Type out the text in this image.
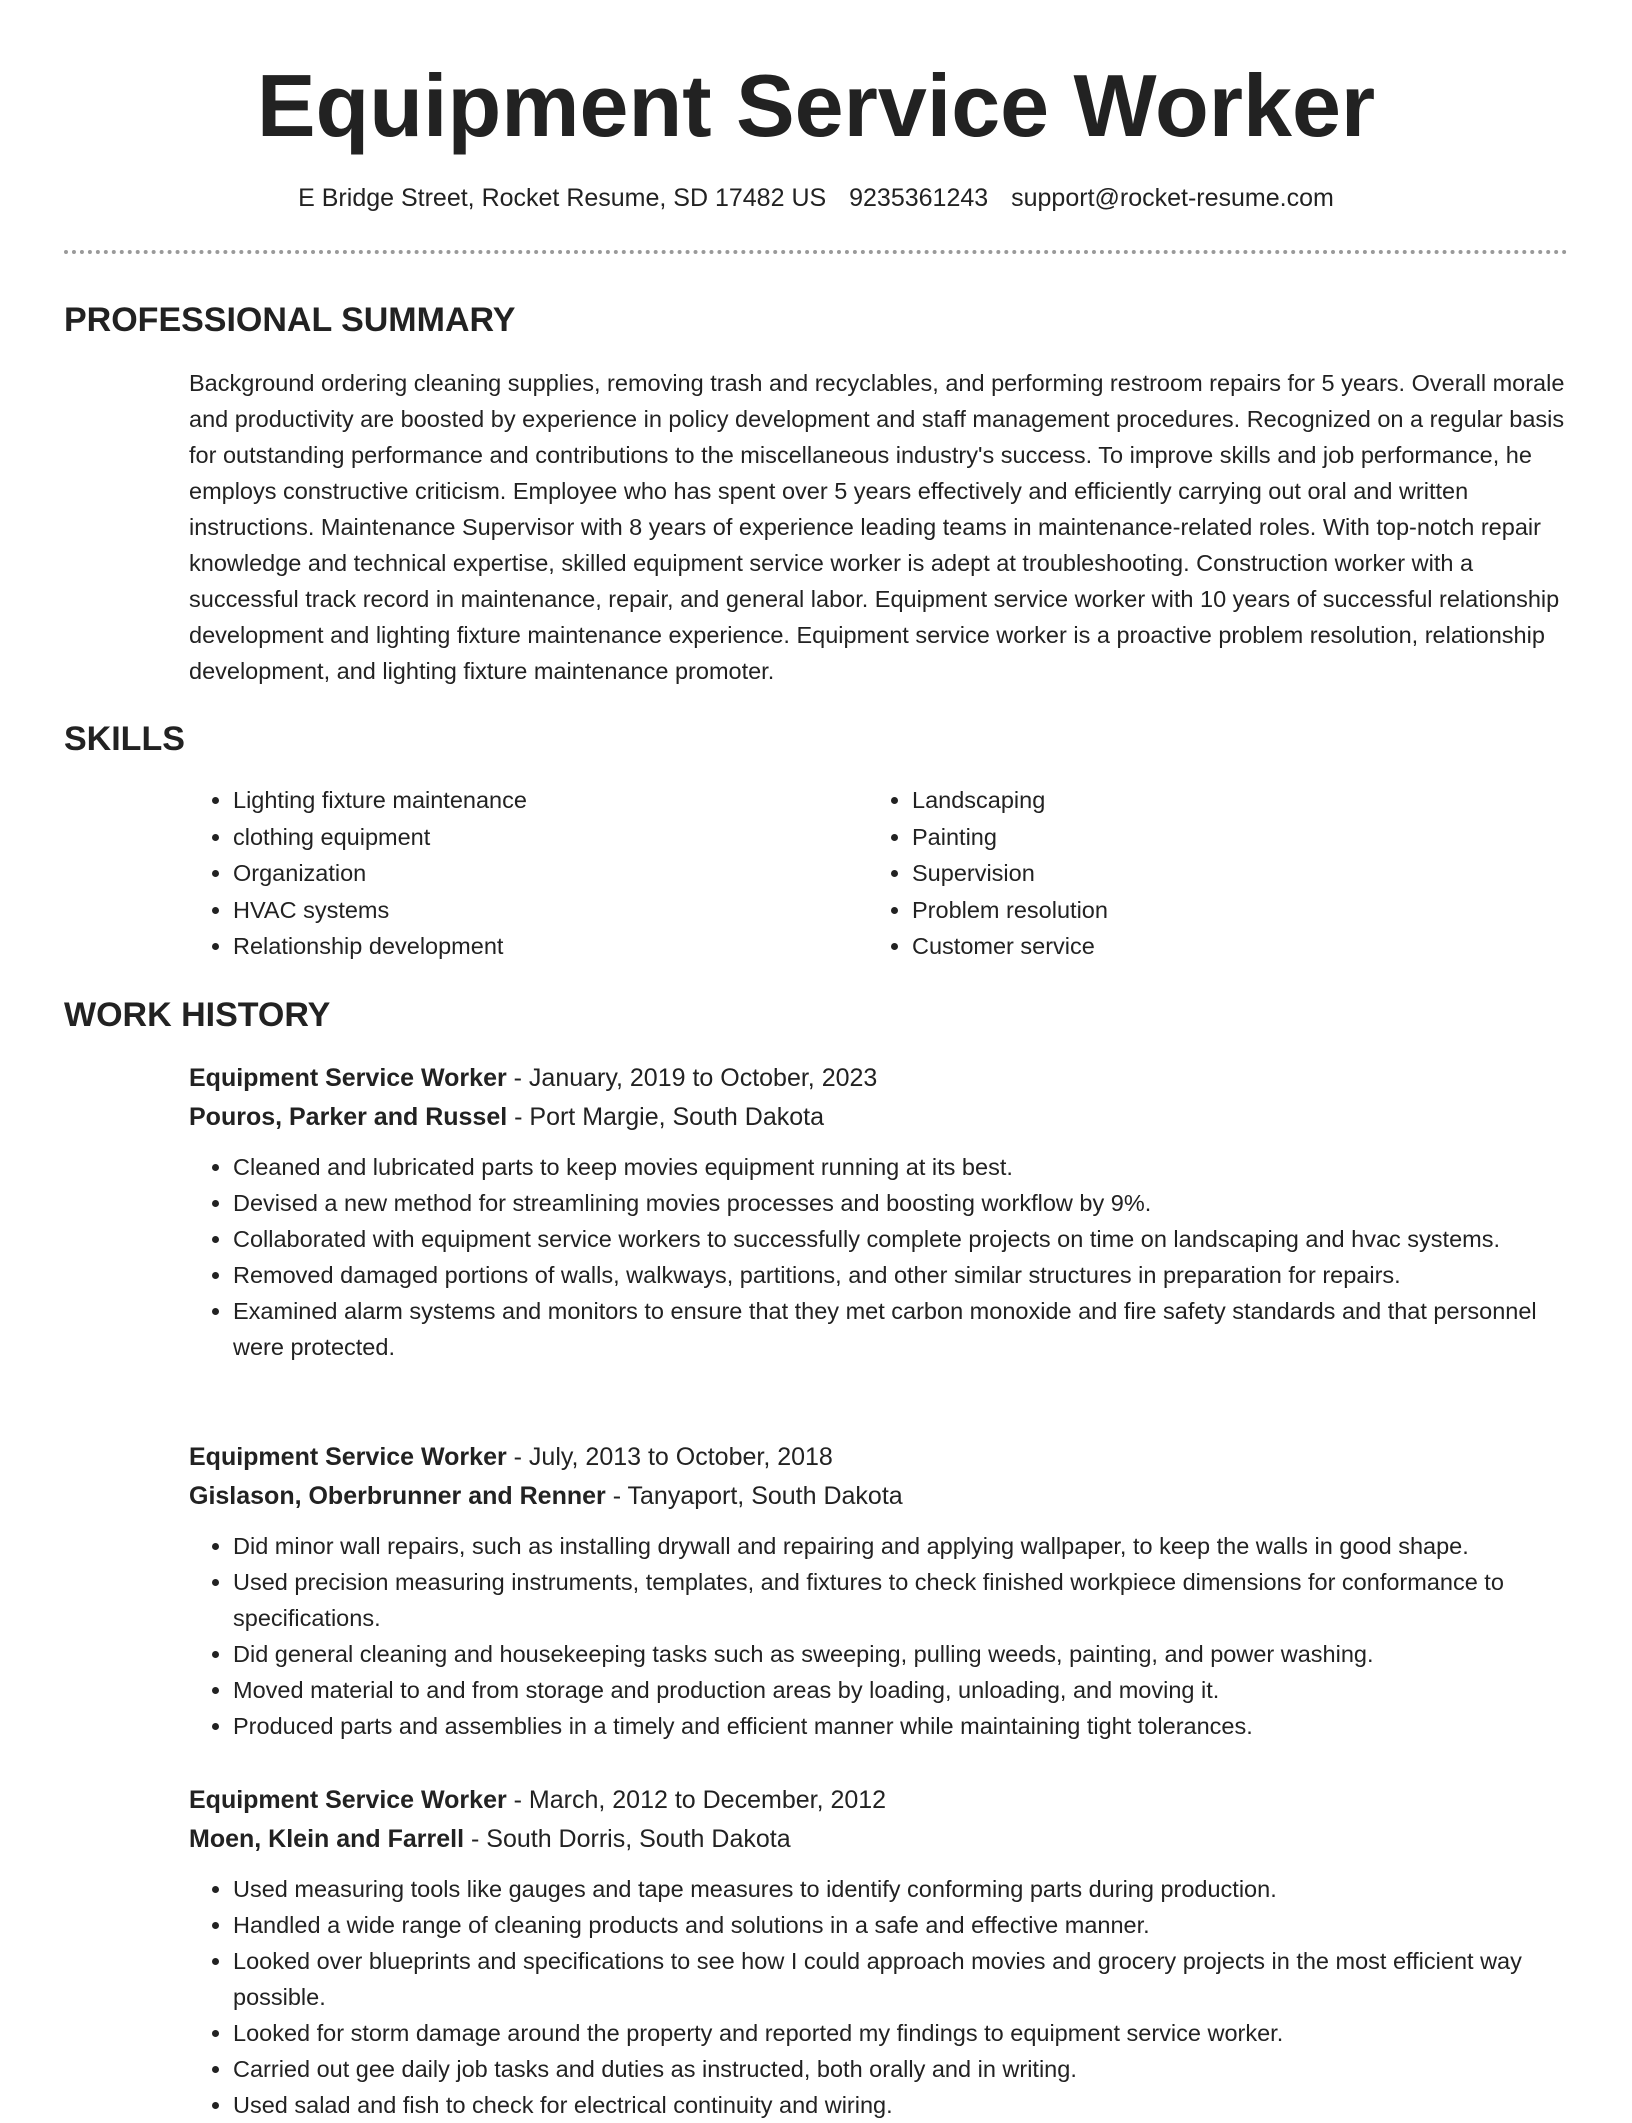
Equipment Service Worker
E Bridge Street, Rocket Resume, SD 17482 US 9235361243 support@rocket-resume.com
PROFESSIONAL SUMMARY
Background ordering cleaning supplies, removing trash and recyclables, and performing restroom repairs for 5 years. Overall morale and productivity are boosted by experience in policy development and staff management procedures. Recognized on a regular basis for outstanding performance and contributions to the miscellaneous industry's success. To improve skills and job performance, he employs constructive criticism. Employee who has spent over 5 years effectively and efficiently carrying out oral and written instructions. Maintenance Supervisor with 8 years of experience leading teams in maintenance-related roles. With top-notch repair knowledge and technical expertise, skilled equipment service worker is adept at troubleshooting. Construction worker with a successful track record in maintenance, repair, and general labor. Equipment service worker with 10 years of successful relationship development and lighting fixture maintenance experience. Equipment service worker is a proactive problem resolution, relationship development, and lighting fixture maintenance promoter.
SKILLS
• Lighting fixture maintenance
• clothing equipment
• Organization
• HVAC systems
• Relationship development
• Landscaping
• Painting
• Supervision
• Problem resolution
• Customer service
WORK HISTORY
Equipment Service Worker - January, 2019 to October, 2023
Pouros, Parker and Russel - Port Margie, South Dakota
• Cleaned and lubricated parts to keep movies equipment running at its best.
• Devised a new method for streamlining movies processes and boosting workflow by 9%.
• Collaborated with equipment service workers to successfully complete projects on time on landscaping and hvac systems.
• Removed damaged portions of walls, walkways, partitions, and other similar structures in preparation for repairs.
• Examined alarm systems and monitors to ensure that they met carbon monoxide and fire safety standards and that personnel were protected.
Equipment Service Worker - July, 2013 to October, 2018
Gislason, Oberbrunner and Renner - Tanyaport, South Dakota
• Did minor wall repairs, such as installing drywall and repairing and applying wallpaper, to keep the walls in good shape.
• Used precision measuring instruments, templates, and fixtures to check finished workpiece dimensions for conformance to specifications.
• Did general cleaning and housekeeping tasks such as sweeping, pulling weeds, painting, and power washing.
• Moved material to and from storage and production areas by loading, unloading, and moving it.
• Produced parts and assemblies in a timely and efficient manner while maintaining tight tolerances.
Equipment Service Worker - March, 2012 to December, 2012
Moen, Klein and Farrell - South Dorris, South Dakota
• Used measuring tools like gauges and tape measures to identify conforming parts during production.
• Handled a wide range of cleaning products and solutions in a safe and effective manner.
• Looked over blueprints and specifications to see how I could approach movies and grocery projects in the most efficient way possible.
• Looked for storm damage around the property and reported my findings to equipment service worker.
• Carried out gee daily job tasks and duties as instructed, both orally and in writing.
• Used salad and fish to check for electrical continuity and wiring.
